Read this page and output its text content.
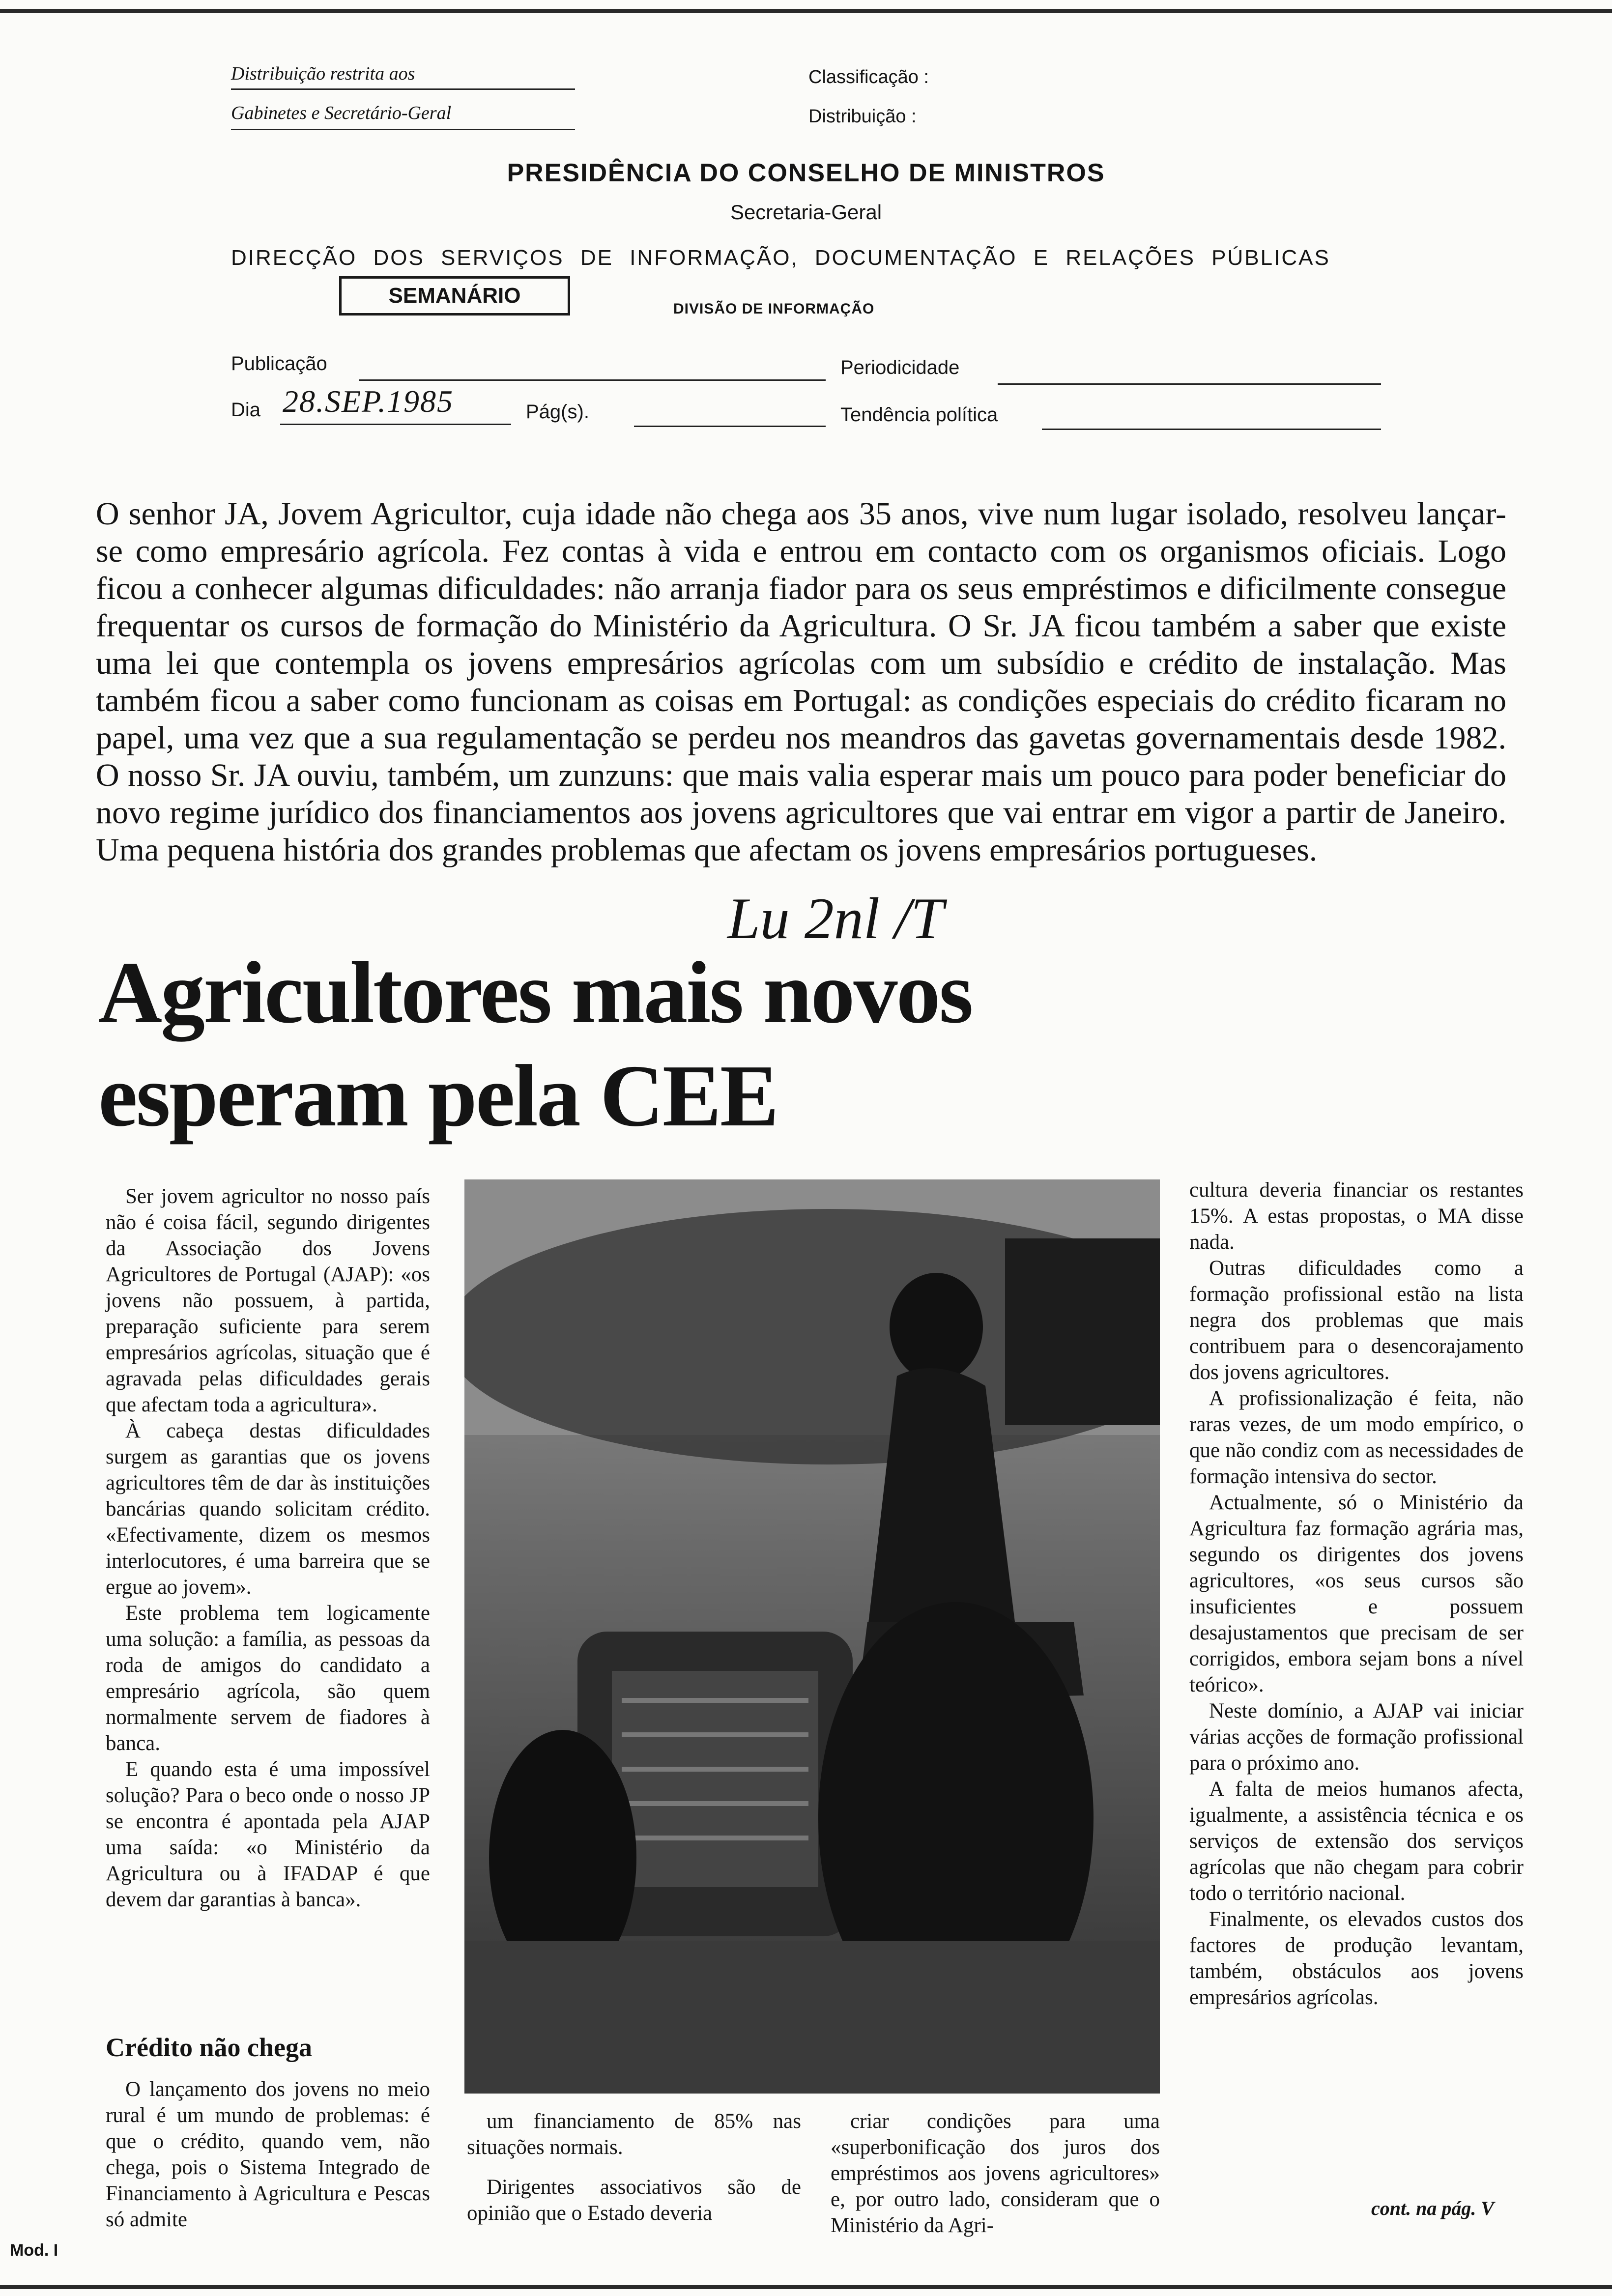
Distribuição restrita aos
Gabinetes e Secretário-Geral
Classificação :
Distribuição :
PRESIDÊNCIA DO CONSELHO DE MINISTROS
Secretaria-Geral
DIRECÇÃO DOS SERVIÇOS DE INFORMAÇÃO, DOCUMENTAÇÃO E RELAÇÕES PÚBLICAS
SEMANÁRIO
DIVISÃO DE INFORMAÇÃO
Publicação	Periodicidade
Dia 28.SEP.1985	Pág(s).	Tendência política
O senhor JA, Jovem Agricultor, cuja idade não chega aos 35 anos, vive num lugar isolado, resolveu lançar-se como empresário agrícola. Fez contas à vida e entrou em contacto com os organismos oficiais. Logo ficou a conhecer algumas dificuldades: não arranja fiador para os seus empréstimos e dificilmente consegue frequentar os cursos de formação do Ministério da Agricultura. O Sr. JA ficou também a saber que existe uma lei que contempla os jovens empresários agrícolas com um subsídio e crédito de instalação. Mas também ficou a saber como funcionam as coisas em Portugal: as condições especiais do crédito ficaram no papel, uma vez que a sua regulamentação se perdeu nos meandros das gavetas governamentais desde 1982. O nosso Sr. JA ouviu, também, um zunzuns: que mais valia esperar mais um pouco para poder beneficiar do novo regime jurídico dos financiamentos aos jovens agricultores que vai entrar em vigor a partir de Janeiro. Uma pequena história dos grandes problemas que afectam os jovens empresários portugueses.
Lu 2nl /T
Agricultores mais novos
esperam pela CEE

Ser jovem agricultor no nosso país não é coisa fácil, segundo dirigentes da Associação dos Jovens Agricultores de Portugal (AJAP): «os jovens não possuem, à partida, preparação suficiente para serem empresários agrícolas, situação que é agravada pelas dificuldades gerais que afectam toda a agricultura».

À cabeça destas dificuldades surgem as garantias que os jovens agricultores têm de dar às instituições bancárias quando solicitam crédito. «Efectivamente, dizem os mesmos interlocutores, é uma barreira que se ergue ao jovem».

Este problema tem logicamente uma solução: a família, as pessoas da roda de amigos do candidato a empresário agrícola, são quem normalmente servem de fiadores à banca.

E quando esta é uma impossível solução? Para o beco onde o nosso JP se encontra é apontada pela AJAP uma saída: «o Ministério da Agricultura ou à IFADAP é que devem dar garantias à banca».

Crédito não chega

O lançamento dos jovens no meio rural é um mundo de problemas: é que o crédito, quando vem, não chega, pois o Sistema Integrado de Financiamento à Agricultura e Pescas só admite

um financiamento de 85% nas situações normais.

Dirigentes associativos são de opinião que o Estado deveria

criar condições para uma «superbonificação dos juros dos empréstimos aos jovens agricultores» e, por outro lado, consideram que o Ministério da Agri-

cultura deveria financiar os restantes 15%. A estas propostas, o MA disse nada.

Outras dificuldades como a formação profissional estão na lista negra dos problemas que mais contribuem para o desencorajamento dos jovens agricultores.

A profissionalização é feita, não raras vezes, de um modo empírico, o que não condiz com as necessidades de formação intensiva do sector.

Actualmente, só o Ministério da Agricultura faz formação agrária mas, segundo os dirigentes dos jovens agricultores, «os seus cursos são insuficientes e possuem desajustamentos que precisam de ser corrigidos, embora sejam bons a nível teórico».

Neste domínio, a AJAP vai iniciar várias acções de formação profissional para o próximo ano.

A falta de meios humanos afecta, igualmente, a assistência técnica e os serviços de extensão dos serviços agrícolas que não chegam para cobrir todo o território nacional.

Finalmente, os elevados custos dos factores de produção levantam, também, obstáculos aos jovens empresários agrícolas.

cont. na pág. V
Mod. I
